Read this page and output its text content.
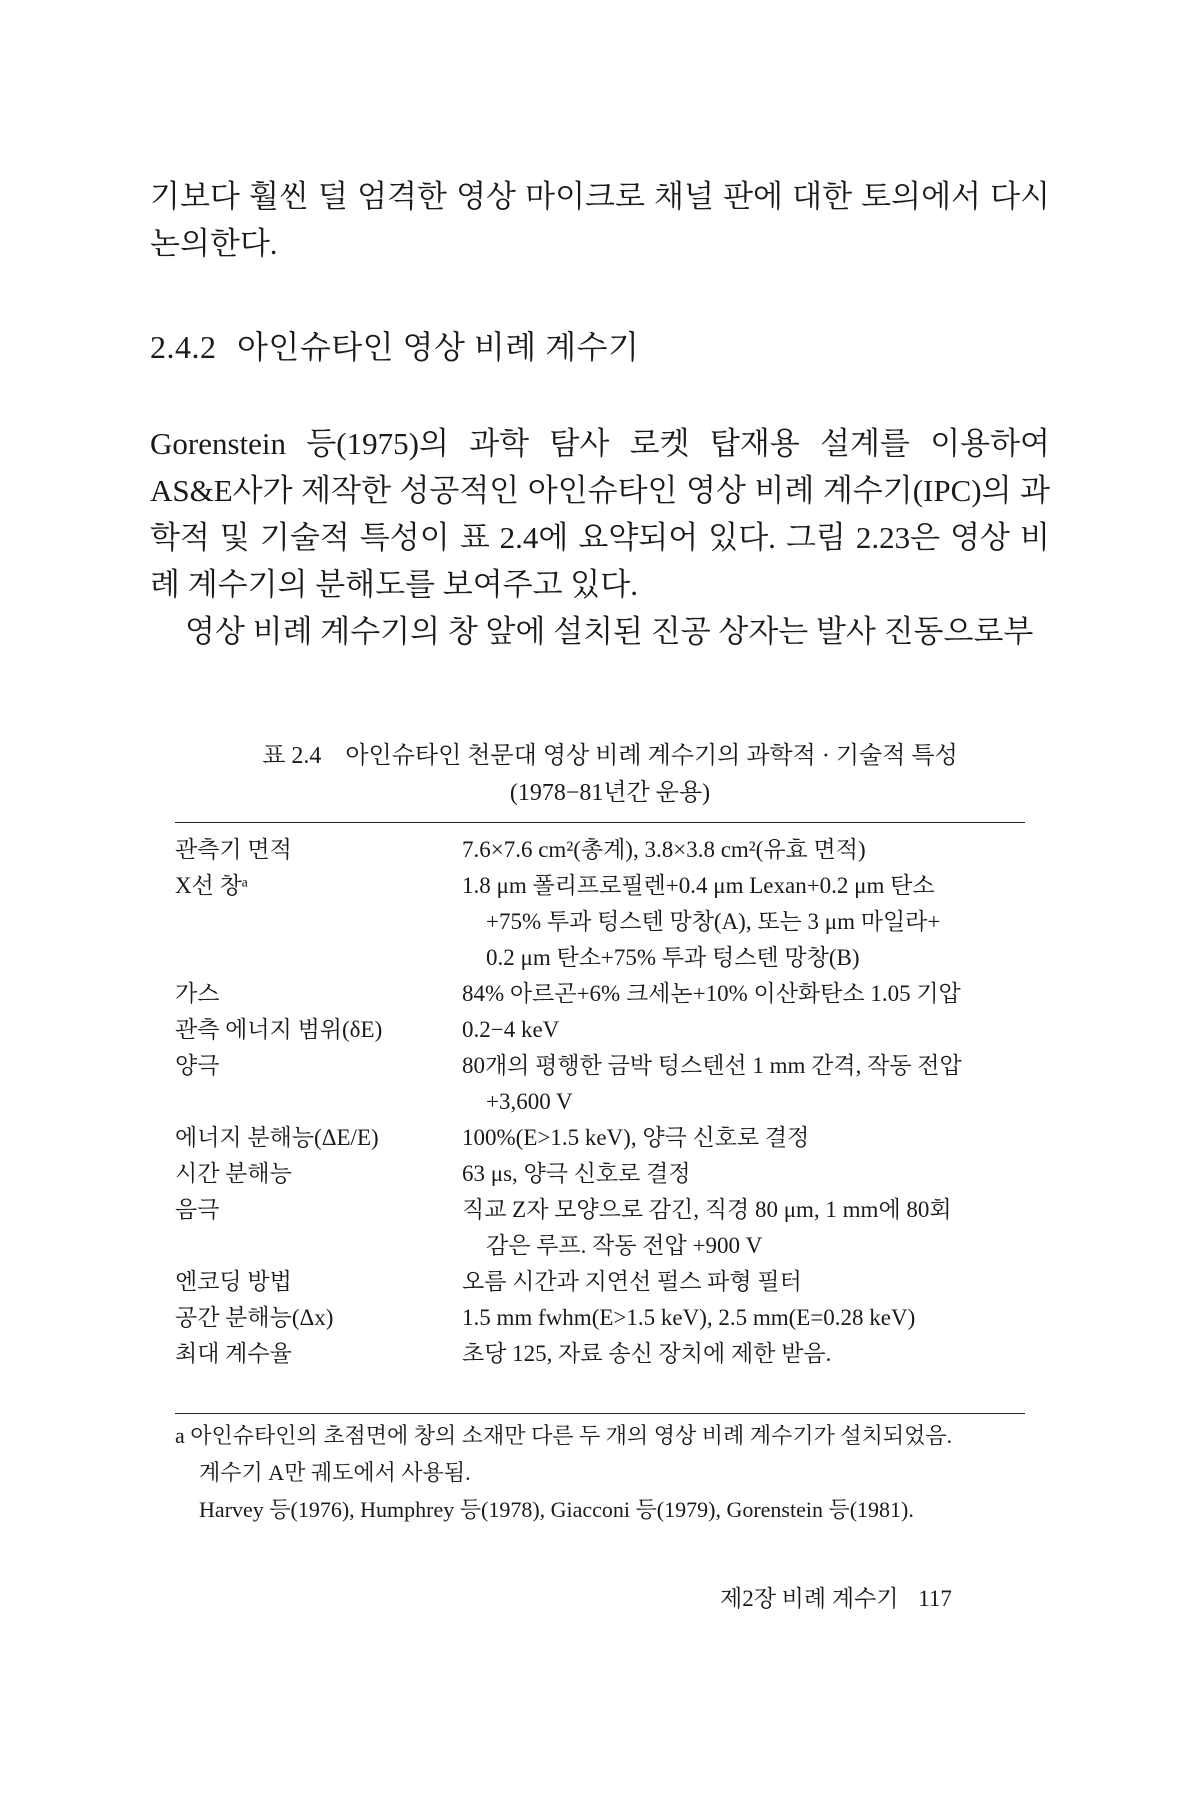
기보다 훨씬 덜 엄격한 영상 마이크로 채널 판에 대한 토의에서 다시

논의한다.

2.4.2 아인슈타인 영상 비례 계수기

Gorenstein 등(1975)의 과학 탐사 로켓 탑재용 설계를 이용하여 AS&E사가 제작한 성공적인 아인슈타인 영상 비례 계수기(IPC)의 과학적 및 기술적 특성이 표 2.4에 요약되어 있다. 그림 2.23은 영상 비례 계수기의 분해도를 보여주고 있다.

영상 비례 계수기의 창 앞에 설치된 진공 상자는 발사 진동으로부

표 2.4 아인슈타인 천문대 영상 비례 계수기의 과학적 · 기술적 특성
(1978−81년간 운용)
관측기 면적	7.6×7.6 cm²(총계), 3.8×3.8 cm²(유효 면적)

X선 창ᵃ	1.8 μm 폴리프로필렌+0.4 μm Lexan+0.2 μm 탄소
+75% 투과 텅스텐 망창(A), 또는 3 μm 마일라+
0.2 μm 탄소+75% 투과 텅스텐 망창(B)

가스	84% 아르곤+6% 크세논+10% 이산화탄소 1.05 기압

관측 에너지 범위(δE)	0.2−4 keV

양극	80개의 평행한 금박 텅스텐선 1 mm 간격, 작동 전압
+3,600 V

에너지 분해능(ΔE/E)	100%(E>1.5 keV), 양극 신호로 결정

시간 분해능	63 μs, 양극 신호로 결정

음극	직교 Z자 모양으로 감긴, 직경 80 μm, 1 mm에 80회
감은 루프. 작동 전압 +900 V

엔코딩 방법	오름 시간과 지연선 펄스 파형 필터

공간 분해능(Δx)	1.5 mm fwhm(E>1.5 keV), 2.5 mm(E=0.28 keV)

최대 계수율	초당 125, 자료 송신 장치에 제한 받음.

a 아인슈타인의 초점면에 창의 소재만 다른 두 개의 영상 비례 계수기가 설치되었음.

계수기 A만 궤도에서 사용됨.

Harvey 등(1976), Humphrey 등(1978), Giacconi 등(1979), Gorenstein 등(1981).

제2장 비례 계수기 117
